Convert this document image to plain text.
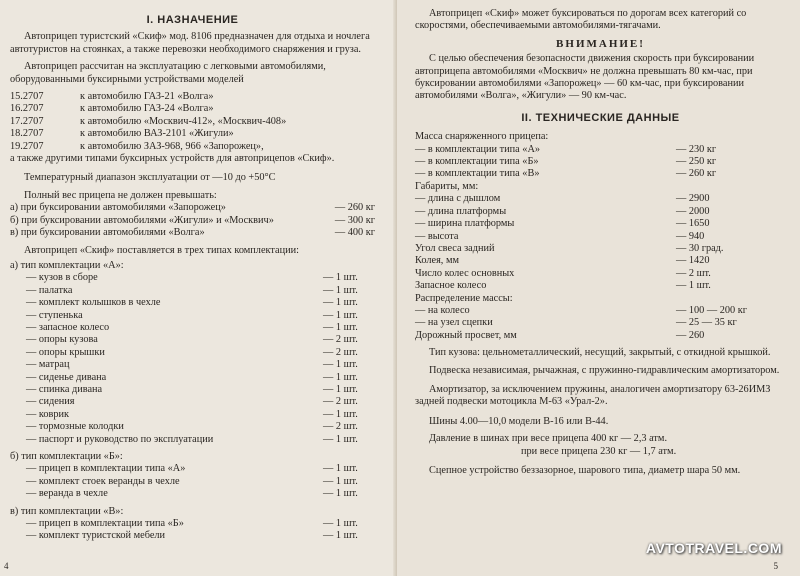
I. НАЗНАЧЕНИЕ

Автоприцеп туристский «Скиф» мод. 8106 предназначен для отдыха и ночлега автотуристов на стоянках, а также перевозки необходимого снаряжения и груза.

Автоприцеп рассчитан на эксплуатацию с легковыми автомобилями, оборудованными буксирными устройствами моделей

15.2707	к автомобилю ГАЗ-21 «Волга»
16.2707	к автомобилю ГАЗ-24 «Волга»
17.2707	к автомобилю «Москвич-412», «Москвич-408»
18.2707	к автомобилю ВАЗ-2101 «Жигули»
19.2707	к автомобилю ЗАЗ-968, 966 «Запорожец»,

а также другими типами буксирных устройств для автоприцепов «Скиф».

Температурный диапазон эксплуатации от —10 до +50°C

Полный вес прицепа не должен превышать:

а) при буксировании автомобилями «Запорожец»	— 260 кг
б) при буксировании автомобилями «Жигули» и «Москвич»	— 300 кг
в) при буксировании автомобилями «Волга»	— 400 кг

Автоприцеп «Скиф» поставляется в трех типах комплектации:

а) тип комплектации «А»:

— кузов в сборе	— 1 шт.
— палатка	— 1 шт.
— комплект колышков в чехле	— 1 шт.
— ступенька	— 1 шт.
— запасное колесо	— 1 шт.
— опоры кузова	— 2 шт.
— опоры крышки	— 2 шт.
— матрац	— 1 шт.
— сиденье дивана	— 1 шт.
— спинка дивана	— 1 шт.
— сидения	— 2 шт.
— коврик	— 1 шт.
— тормозные колодки	— 2 шт.
— паспорт и руководство по эксплуатации	— 1 шт.

б) тип комплектации «Б»:

— прицеп в комплектации типа «А»	— 1 шт.
— комплект стоек веранды в чехле	— 1 шт.
— веранда в чехле	— 1 шт.

в) тип комплектации «В»:

— прицеп в комплектации типа «Б»	— 1 шт.
— комплект туристской мебели	— 1 шт.
4

Автоприцеп «Скиф» может буксироваться по дорогам всех категорий со скоростями, обеспечиваемыми автомобилями-тягачами.

ВНИМАНИЕ!

С целью обеспечения безопасности движения скорость при буксировании автоприцепа автомобилями «Москвич» не должна превышать 80 км-час, при буксировании автомобилями «Запорожец» — 60 км-час, при буксировании автомобилями «Волга», «Жигули» — 90 км-час.

II. ТЕХНИЧЕСКИЕ ДАННЫЕ
Масса снаряженного прицепа:
— в комплектации типа «А»	— 230 кг
— в комплектации типа «Б»	— 250 кг
— в комплектации типа «В»	— 260 кг
Габариты, мм:
— длина с дышлом	— 2900
— длина платформы	— 2000
— ширина платформы	— 1650
— высота	— 940
Угол свеса задний	— 30 град.
Колея, мм	— 1420
Число колес основных	— 2 шт.
Запасное колесо	— 1 шт.
Распределение массы:
— на колесо	— 100 — 200 кг
— на узел сцепки	— 25 — 35 кг
Дорожный просвет, мм	— 260

Тип кузова: цельнометаллический, несущий, закрытый, с откидной крышкой.

Подвеска независимая, рычажная, с пружинно-гидравлическим амортизатором.

Амортизатор, за исключением пружины, аналогичен амортизатору 63-26ИМЗ задней подвески мотоцикла М-63 «Урал-2».

Шины 4.00—10,0 модели В-16 или В-44.

Давление в шинах при весе прицепа 400 кг — 2,3 атм.

при весе прицепа 230 кг — 1,7 атм.

Сцепное устройство беззазорное, шарового типа, диаметр шара 50 мм.

5
AVTOTRAVEL.COM
